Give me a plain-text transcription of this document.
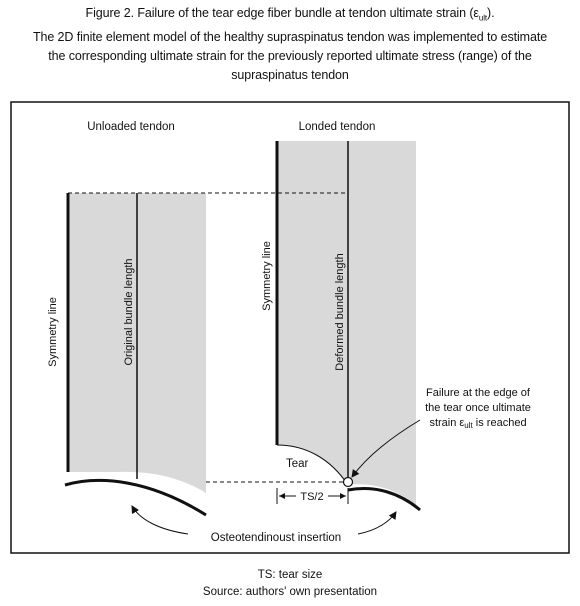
Figure 2. Failure of the tear edge fiber bundle at tendon ultimate strain $(\varepsilon_{ult})$.
The 2D finite element model of the healthy supraspinatus tendon was implemented to estimate
the corresponding ultimate strain for the previously reported ultimate stress (range) of the
supraspinatus tendon
Unloaded tendon	Londed tendon
TS/2
Symmetry line	Original bundle length	Symmetry line	Deformed bundle length
Tear
Failure at the edge of
the tear once ultimate
strain εult is reached
Osteotendinoust insertion
TS: tear size
Source: authors' own presentation
